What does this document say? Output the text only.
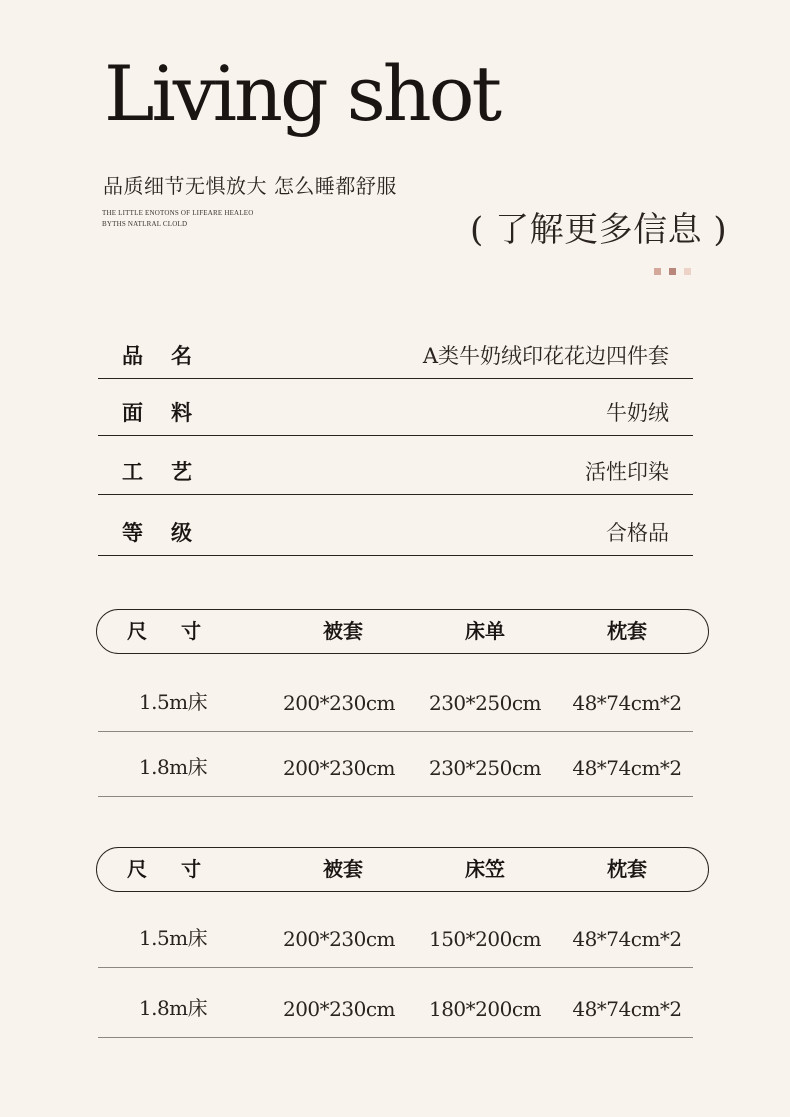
Living shot
品质细节无惧放大 怎么睡都舒服
THE LITTLE ENOTONS OF LIFEARE HEALEO
BYTHS NATLRAL CLOLD	( 了解更多信息 )
品 名	A类牛奶绒印花花边四件套
面 料	牛奶绒
工 艺	活性印染
等 级	合格品
尺 寸	被套	床单	枕套
1.5m床	200*230cm	230*250cm	48*74cm*2
1.8m床	200*230cm	230*250cm	48*74cm*2
尺 寸	被套	床笠	枕套
1.5m床	200*230cm	150*200cm	48*74cm*2
1.8m床	200*230cm	180*200cm	48*74cm*2
